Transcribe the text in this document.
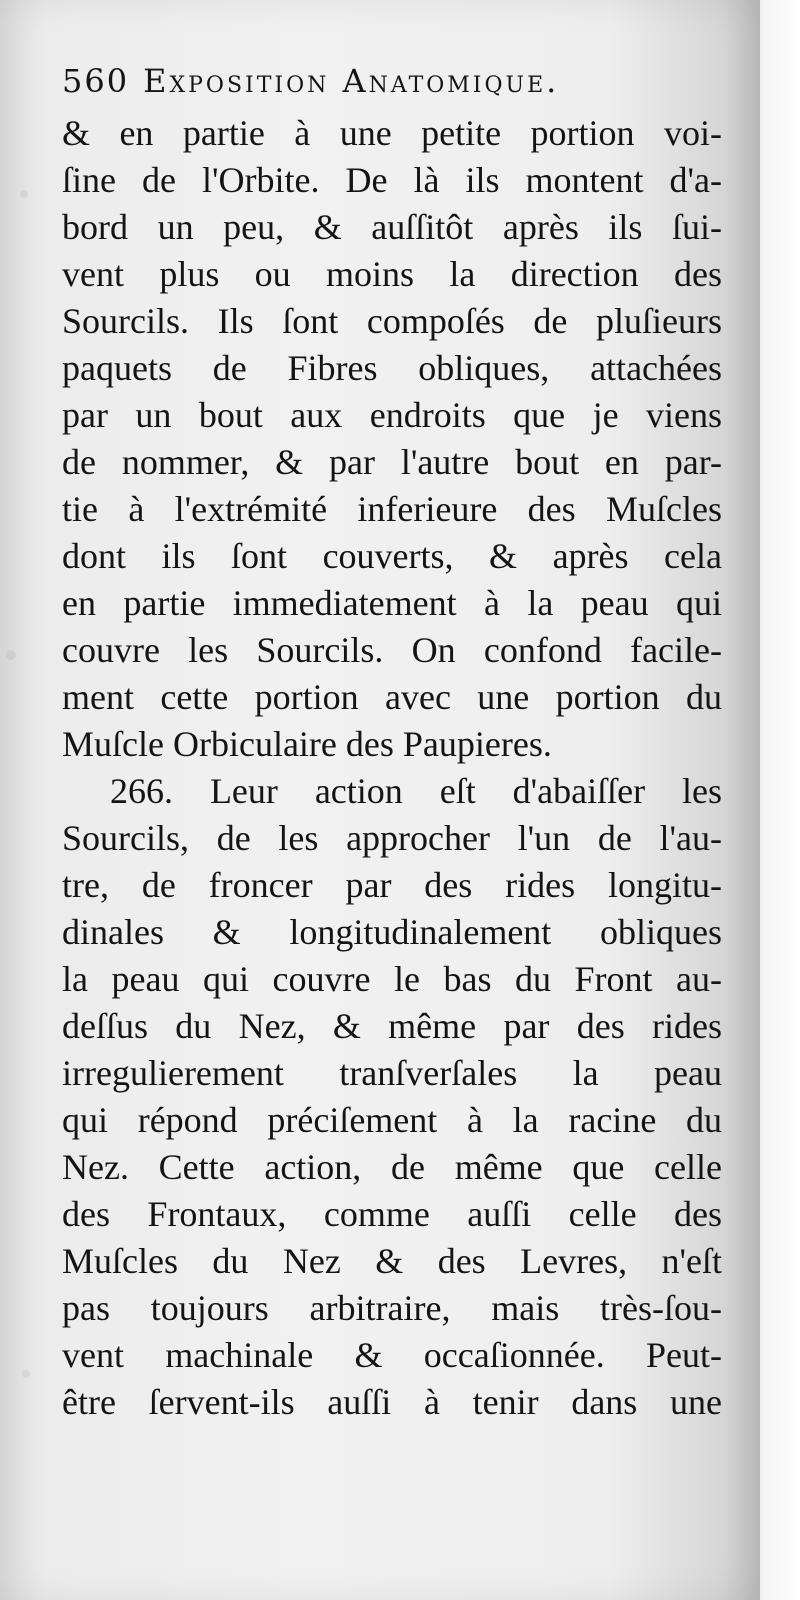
560 Exposition Anatomique.
& en partie à une petite portion voi-
ſine de l'Orbite. De là ils montent d'a-
bord un peu, & auſſitôt après ils ſui-
vent plus ou moins la direction des
Sourcils. Ils ſont compoſés de pluſieurs
paquets de Fibres obliques, attachées
par un bout aux endroits que je viens
de nommer, & par l'autre bout en par-
tie à l'extrémité inferieure des Muſcles
dont ils ſont couverts, & après cela
en partie immediatement à la peau qui
couvre les Sourcils. On confond facile-
ment cette portion avec une portion du
Muſcle Orbiculaire des Paupieres.
266. Leur action eſt d'abaiſſer les
Sourcils, de les approcher l'un de l'au-
tre, de froncer par des rides longitu-
dinales & longitudinalement obliques
la peau qui couvre le bas du Front au-
deſſus du Nez, & même par des rides
irregulierement tranſverſales la peau
qui répond préciſement à la racine du
Nez. Cette action, de même que celle
des Frontaux, comme auſſi celle des
Muſcles du Nez & des Levres, n'eſt
pas toujours arbitraire, mais très-ſou-
vent machinale & occaſionnée. Peut-
être ſervent-ils auſſi à tenir dans une
